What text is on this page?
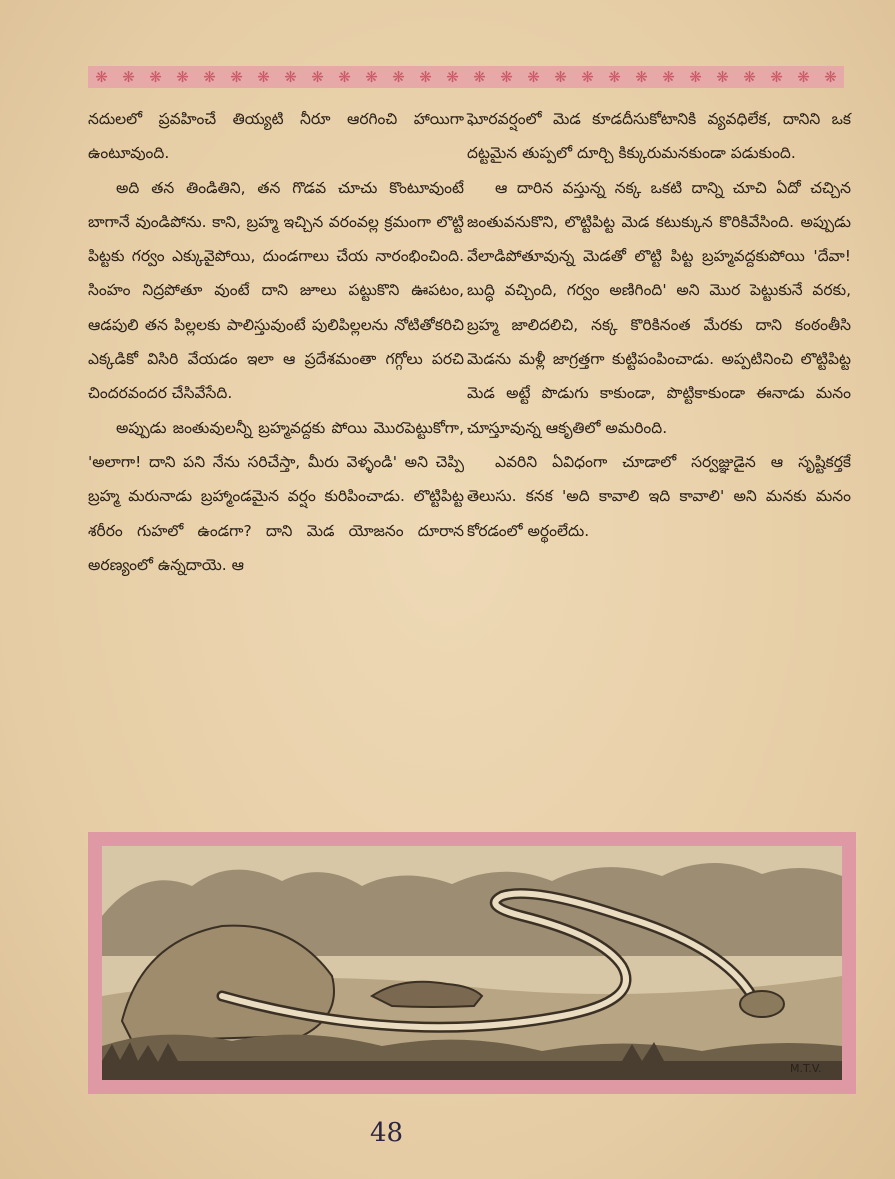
❋ ❋ ❋ ❋ ❋ ❋ ❋ ❋ ❋ ❋ ❋ ❋ ❋ ❋ ❋ ❋ ❋ ❋ ❋ ❋ ❋ ❋ ❋ ❋ ❋ ❋ ❋ ❋

నదులలో ప్రవహించే తియ్యటి నీరూ ఆరగించి హాయిగా ఉంటూవుంది.

అది తన తిండితిని, తన గొడవ చూచు కొంటూవుంటే బాగానే వుండిపోను. కాని, బ్రహ్మ ఇచ్చిన వరంవల్ల క్రమంగా లొట్టి పిట్టకు గర్వం ఎక్కువైపోయి, దుండగాలు చేయ నారంభించింది. సింహం నిద్రపోతూ వుంటే దాని జూలు పట్టుకొని ఊపటం, ఆడపులి తన పిల్లలకు పాలిస్తువుంటే పులిపిల్లలను నోటితోకరిచి ఎక్కడికో విసిరి వేయడం ఇలా ఆ ప్రదేశమంతా గగ్గోలు పరచి చిందరవందర చేసివేసేది.

అప్పుడు జంతువులన్నీ బ్రహ్మవద్దకు పోయి మొరపెట్టుకోగా, 'అలాగా! దాని పని నేను సరిచేస్తా, మీరు వెళ్ళండి' అని చెప్పి బ్రహ్మ మరునాడు బ్రహ్మాండమైన వర్షం కురిపించాడు. లొట్టిపిట్ట శరీరం గుహలో ఉండగా? దాని మెడ యోజనం దూరాన అరణ్యంలో ఉన్నదాయె. ఆ

ఘోరవర్షంలో మెడ కూడదీసుకోటానికి వ్యవధిలేక, దానిని ఒక దట్టమైన తుప్పలో దూర్చి కిక్కురుమనకుండా పడుకుంది.

ఆ దారిన వస్తున్న నక్క ఒకటి దాన్ని చూచి ఏదో చచ్చిన జంతువనుకొని, లొట్టిపిట్ట మెడ కటుక్కున కొరికివేసింది. అప్పుడు వేలాడిపోతూవున్న మెడతో లొట్టి పిట్ట బ్రహ్మవద్దకుపోయి 'దేవా! బుద్ధి వచ్చింది, గర్వం అణిగింది' అని మొర పెట్టుకునే వరకు, బ్రహ్మ జాలిదలిచి, నక్క కొరికినంత మేరకు దాని కంఠంతీసి మెడను మళ్లీ జాగ్రత్తగా కుట్టిపంపించాడు. అప్పటినించి లొట్టిపిట్ట మెడ అట్టే పొడుగు కాకుండా, పొట్టికాకుండా ఈనాడు మనం చూస్తూవున్న ఆకృతిలో అమరింది.

ఎవరిని ఏవిధంగా చూడాలో సర్వజ్ఞుడైన ఆ సృష్టికర్తకే తెలుసు. కనక 'అది కావాలి ఇది కావాలి' అని మనకు మనం కోరడంలో అర్థంలేదు.

M.T.V.
48
